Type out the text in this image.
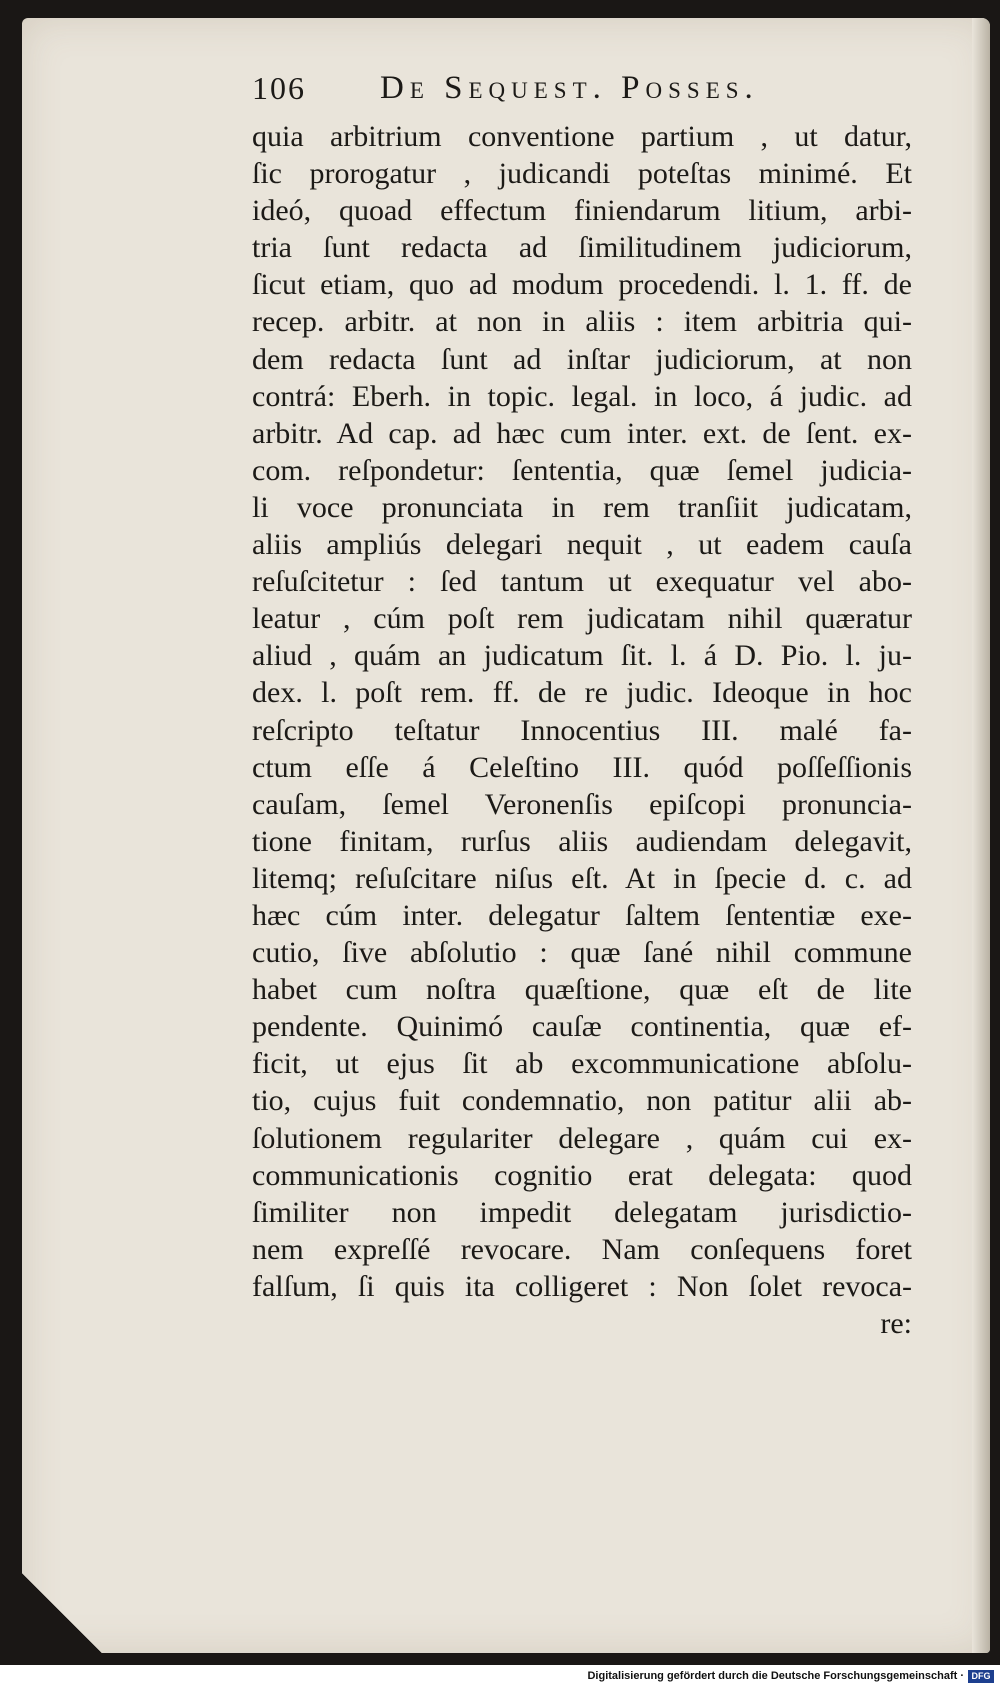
106 De Sequest. Posses.
quia arbitrium conventione partium , ut datur,
ſic prorogatur , judicandi poteſtas minimé. Et
ideó, quoad effectum finiendarum litium, arbi-
tria ſunt redacta ad ſimilitudinem judiciorum,
ſicut etiam, quo ad modum procedendi. l. 1. ff. de
recep. arbitr. at non in aliis : item arbitria qui-
dem redacta ſunt ad inſtar judiciorum, at non
contrá: Eberh. in topic. legal. in loco, á judic. ad
arbitr. Ad cap. ad hæc cum inter. ext. de ſent. ex-
com. reſpondetur: ſententia, quæ ſemel judicia-
li voce pronunciata in rem tranſiit judicatam,
aliis ampliús delegari nequit , ut eadem cauſa
reſuſcitetur : ſed tantum ut exequatur vel abo-
leatur , cúm poſt rem judicatam nihil quæratur
aliud , quám an judicatum ſit. l. á D. Pio. l. ju-
dex. l. poſt rem. ff. de re judic. Ideoque in hoc
reſcripto teſtatur Innocentius III. malé fa-
ctum eſſe á Celeſtino III. quód poſſeſſionis
cauſam, ſemel Veronenſis epiſcopi pronuncia-
tione finitam, rurſus aliis audiendam delegavit,
litemq; reſuſcitare niſus eſt. At in ſpecie d. c. ad
hæc cúm inter. delegatur ſaltem ſententiæ exe-
cutio, ſive abſolutio : quæ ſané nihil commune
habet cum noſtra quæſtione, quæ eſt de lite
pendente. Quinimó cauſæ continentia, quæ ef-
ficit, ut ejus ſit ab excommunicatione abſolu-
tio, cujus fuit condemnatio, non patitur alii ab-
ſolutionem regulariter delegare , quám cui ex-
communicationis cognitio erat delegata: quod
ſimiliter non impedit delegatam jurisdictio-
nem expreſſé revocare. Nam conſequens foret
falſum, ſi quis ita colligeret : Non ſolet revoca-
re:
Digitalisierung gefördert durch die Deutsche Forschungsgemeinschaft · DFG
